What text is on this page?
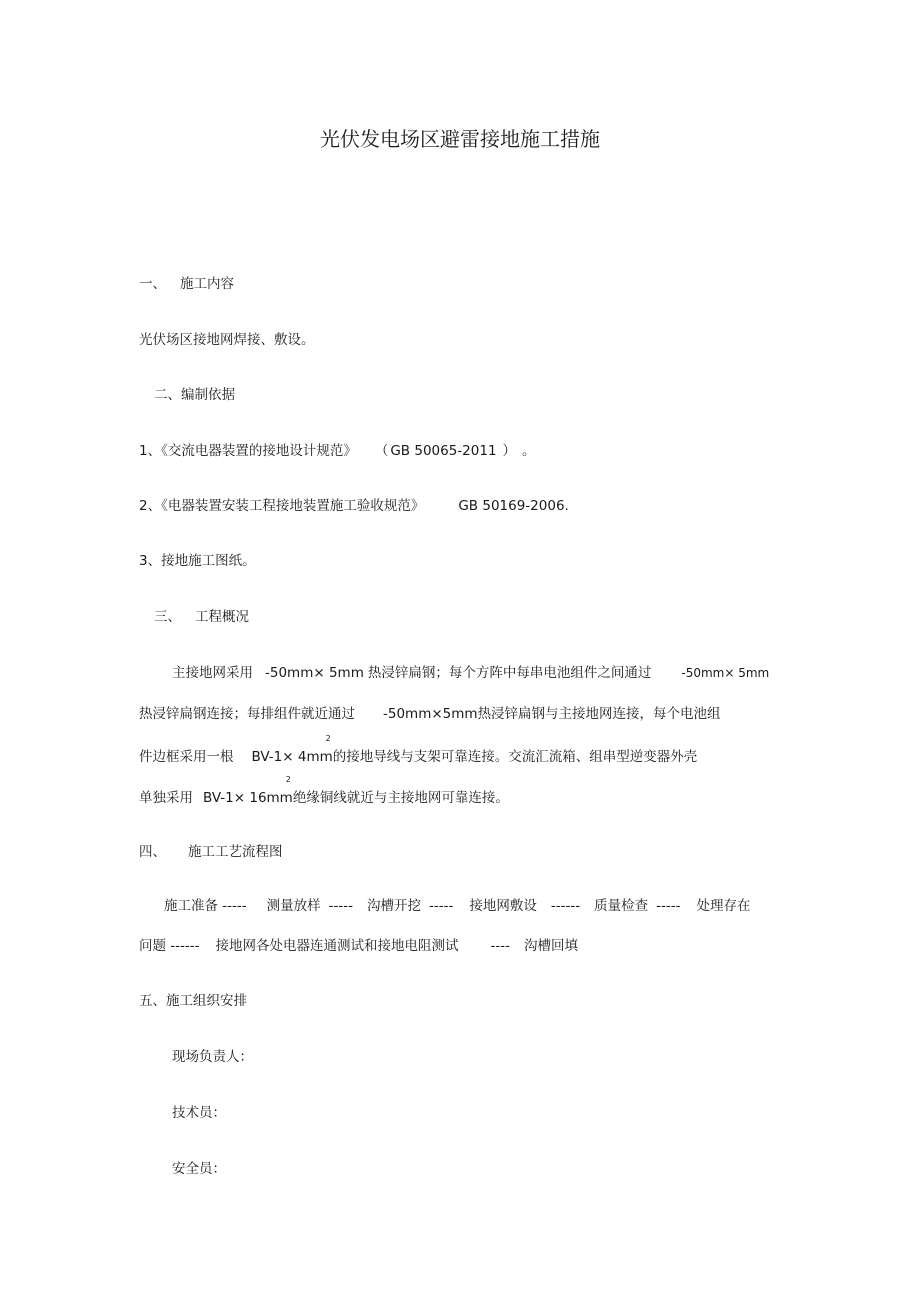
光伏发电场区避雷接地施工措施
一、 施工内容
光伏场区接地网焊接、敷设。
二、编制依据
1、《交流电器装置的接地设计规范》 （ GB 50065-2011 ） 。
2、《电器装置安装工程接地装置施工验收规范》	GB 50169-2006.
3、接地施工图纸。
三、 工程概况
主接地网采用 -50mm× 5mm 热浸锌扁钢；每个方阵中每串电池组件之间通过	-50mm× 5mm
热浸锌扁钢连接；每排组件就近通过 -50mm×5mm热浸锌扁钢与主接地网连接，每个电池组
件边框采用一根 BV-1× 4mm
2
的接地导线与支架可靠连接。交流汇流箱、组串型逆变器外壳
单独采用 BV-1× 16mm
2
绝缘铜线就近与主接地网可靠连接。
四、 施工工艺流程图
施工准备 ----- 测量放样 ----- 沟槽开挖 ----- 接地网敷设 ------ 质量检查 ----- 处理存在
问题 ------ 接地网各处电器连通测试和接地电阻测试 ---- 沟槽回填
五、施工组织安排
现场负责人：
技术员：
安全员：
